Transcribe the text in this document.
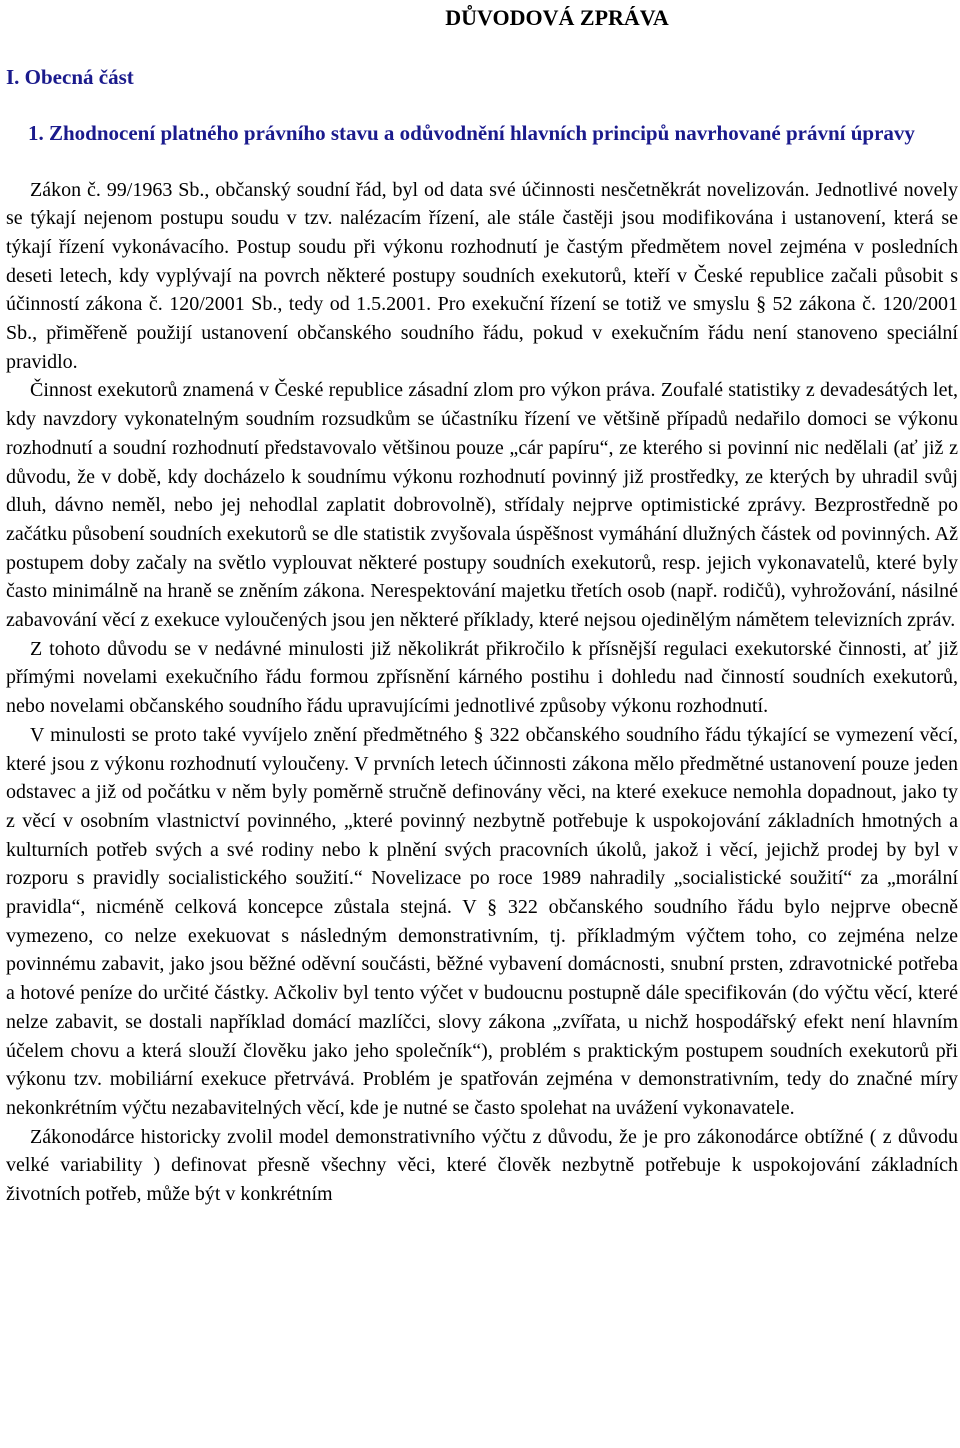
DŮVODOVÁ ZPRÁVA
I. Obecná část
1. Zhodnocení platného právního stavu a odůvodnění hlavních principů navrhované právní úpravy

Zákon č. 99/1963 Sb., občanský soudní řád, byl od data své účinnosti nesčetněkrát novelizován. Jednotlivé novely se týkají nejenom postupu soudu v tzv. nalézacím řízení, ale stále častěji jsou modifikována i ustanovení, která se týkají řízení vykonávacího. Postup soudu při výkonu rozhodnutí je častým předmětem novel zejména v posledních deseti letech, kdy vyplývají na povrch některé postupy soudních exekutorů, kteří v České republice začali působit s účinností zákona č. 120/2001 Sb., tedy od 1.5.2001. Pro exekuční řízení se totiž ve smyslu § 52 zákona č. 120/2001 Sb., přiměřeně použijí ustanovení občanského soudního řádu, pokud v exekučním řádu není stanoveno speciální pravidlo.

Činnost exekutorů znamená v České republice zásadní zlom pro výkon práva. Zoufalé statistiky z devadesátých let, kdy navzdory vykonatelným soudním rozsudkům se účastníku řízení ve většině případů nedařilo domoci se výkonu rozhodnutí a soudní rozhodnutí představovalo většinou pouze „cár papíru“, ze kterého si povinní nic nedělali (ať již z důvodu, že v době, kdy docházelo k soudnímu výkonu rozhodnutí povinný již prostředky, ze kterých by uhradil svůj dluh, dávno neměl, nebo jej nehodlal zaplatit dobrovolně), střídaly nejprve optimistické zprávy. Bezprostředně po začátku působení soudních exekutorů se dle statistik zvyšovala úspěšnost vymáhání dlužných částek od povinných. Až postupem doby začaly na světlo vyplouvat některé postupy soudních exekutorů, resp. jejich vykonavatelů, které byly často minimálně na hraně se zněním zákona. Nerespektování majetku třetích osob (např. rodičů), vyhrožování, násilné zabavování věcí z exekuce vyloučených jsou jen některé příklady, které nejsou ojedinělým námětem televizních zpráv.

Z tohoto důvodu se v nedávné minulosti již několikrát přikročilo k přísnější regulaci exekutorské činnosti, ať již přímými novelami exekučního řádu formou zpřísnění kárného postihu i dohledu nad činností soudních exekutorů, nebo novelami občanského soudního řádu upravujícími jednotlivé způsoby výkonu rozhodnutí.

V minulosti se proto také vyvíjelo znění předmětného § 322 občanského soudního řádu týkající se vymezení věcí, které jsou z výkonu rozhodnutí vyloučeny. V prvních letech účinnosti zákona mělo předmětné ustanovení pouze jeden odstavec a již od počátku v něm byly poměrně stručně definovány věci, na které exekuce nemohla dopadnout, jako ty z věcí v osobním vlastnictví povinného, „které povinný nezbytně potřebuje k uspokojování základních hmotných a kulturních potřeb svých a své rodiny nebo k plnění svých pracovních úkolů, jakož i věcí, jejichž prodej by byl v rozporu s pravidly socialistického soužití.“ Novelizace po roce 1989 nahradily „socialistické soužití“ za „morální pravidla“, nicméně celková koncepce zůstala stejná. V § 322 občanského soudního řádu bylo nejprve obecně vymezeno, co nelze exekuovat s následným demonstrativním, tj. příkladmým výčtem toho, co zejména nelze povinnému zabavit, jako jsou běžné oděvní součásti, běžné vybavení domácnosti, snubní prsten, zdravotnické potřeba a hotové peníze do určité částky. Ačkoliv byl tento výčet v budoucnu postupně dále specifikován (do výčtu věcí, které nelze zabavit, se dostali například domácí mazlíčci, slovy zákona „zvířata, u nichž hospodářský efekt není hlavním účelem chovu a která slouží člověku jako jeho společník“), problém s praktickým postupem soudních exekutorů při výkonu tzv. mobiliární exekuce přetrvává. Problém je spatřován zejména v demonstrativním, tedy do značné míry nekonkrétním výčtu nezabavitelných věcí, kde je nutné se často spolehat na uvážení vykonavatele.

Zákonodárce historicky zvolil model demonstrativního výčtu z důvodu, že je pro zákonodárce obtížné ( z důvodu velké variability ) definovat přesně všechny věci, které člověk nezbytně potřebuje k uspokojování základních životních potřeb, může být v konkrétním
